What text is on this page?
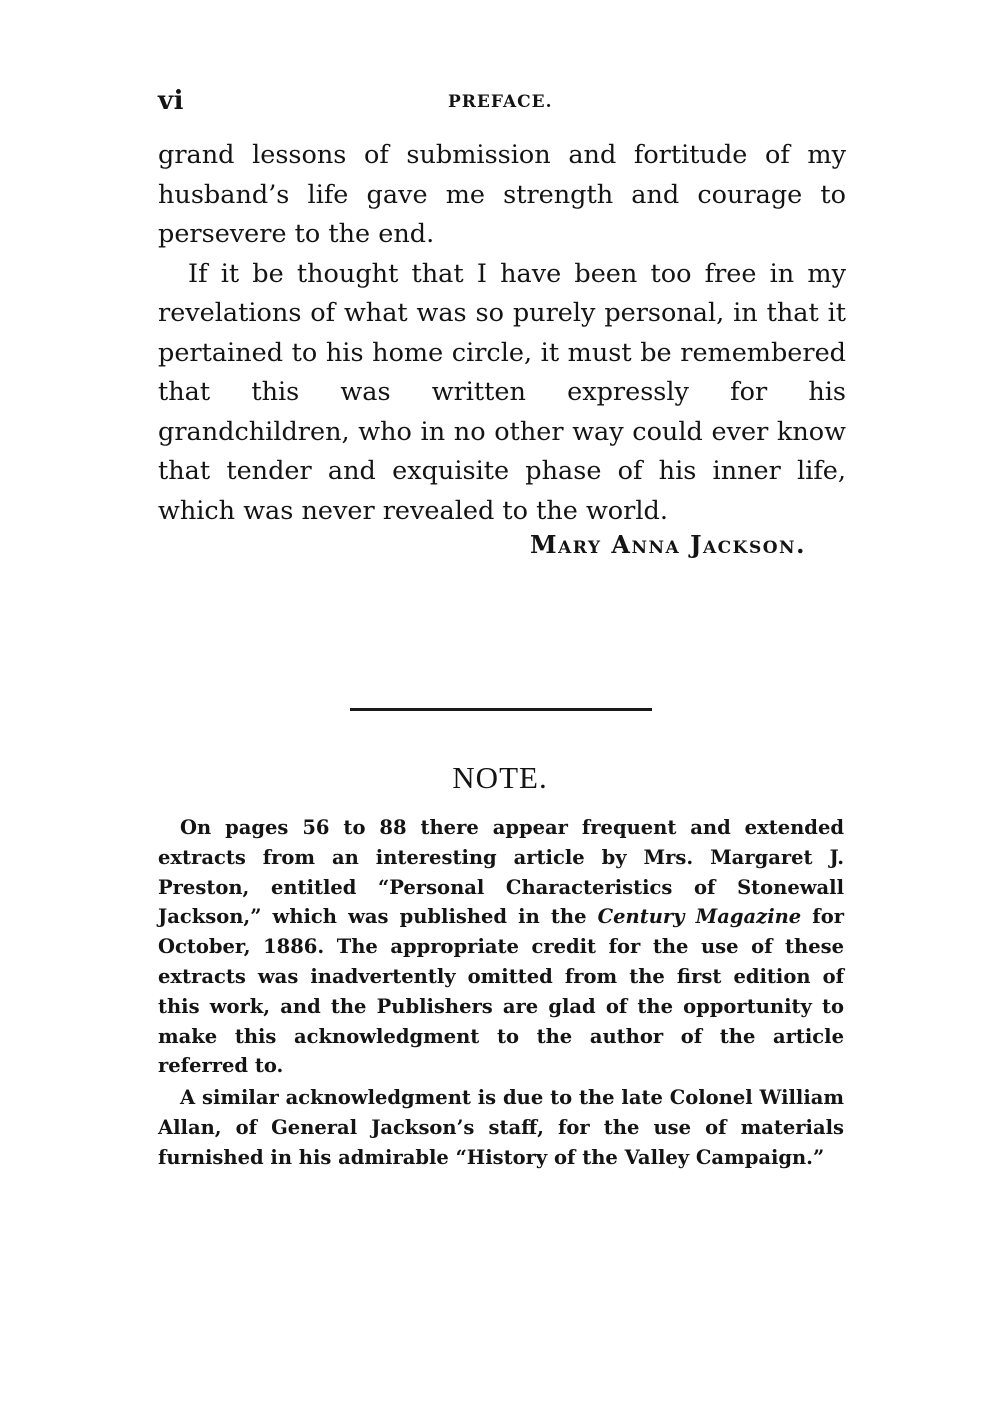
vi	PREFACE.

grand lessons of submission and fortitude of my husband’s life gave me strength and courage to persevere to the end.

If it be thought that I have been too free in my revelations of what was so purely personal, in that it pertained to his home circle, it must be remembered that this was written expressly for his grandchildren, who in no other way could ever know that tender and exquisite phase of his inner life, which was never revealed to the world.

Mary Anna Jackson.
NOTE.

On pages 56 to 88 there appear frequent and extended extracts from an interesting article by Mrs. Margaret J. Preston, entitled “Personal Characteristics of Stonewall Jackson,” which was published in the Century Magazine for October, 1886. The appropriate credit for the use of these extracts was inadvertently omitted from the first edition of this work, and the Publishers are glad of the opportunity to make this acknowledgment to the author of the article referred to.

A similar acknowledgment is due to the late Colonel William Allan, of General Jackson’s staff, for the use of materials furnished in his admirable “History of the Valley Campaign.”
